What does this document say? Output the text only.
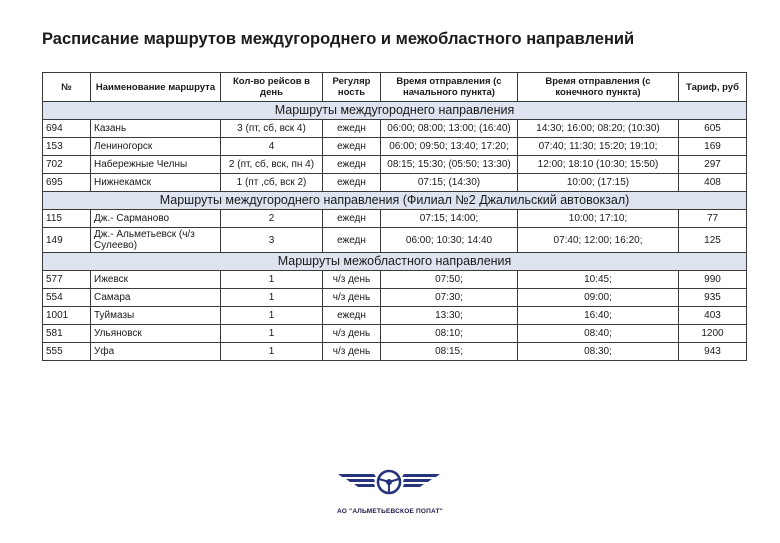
Расписание маршрутов междугороднего и межобластного направлений
№	Наименование маршрута	Кол-во рейсов в день	Регуляр ность	Время отправления (с начального пункта)	Время отправления (с конечного пункта)	Тариф, руб
Маршруты междугороднего направления						
694	Казань	3 (пт, сб, вск 4)	ежедн	06:00; 08:00; 13:00; (16:40)	14:30; 16:00; 08:20; (10:30)	605
153	Лениногорск	4	ежедн	06:00; 09:50; 13:40; 17:20;	07:40; 11:30; 15:20; 19:10;	169
702	Набережные Челны	2 (пт, сб, вск, пн 4)	ежедн	08:15; 15:30; (05:50; 13:30)	12:00; 18:10 (10:30; 15:50)	297
695	Нижнекамск	1 (пт ,сб, вск 2)	ежедн	07:15; (14:30)	10:00; (17:15)	408
Маршруты междугороднего направления (Филиал №2 Джалильский автовокзал)						
115	Дж.- Сарманово	2	ежедн	07:15; 14:00;	10:00; 17:10;	77
149	Дж.- Альметьевск (ч/з Сулеево)	3	ежедн	06:00; 10:30; 14:40	07:40; 12:00; 16:20;	125
Маршруты межобластного направления						
577	Ижевск	1	ч/з день	07:50;	10:45;	990
554	Самара	1	ч/з день	07:30;	09:00;	935
1001	Туймазы	1	ежедн	13:30;	16:40;	403
581	Ульяновск	1	ч/з день	08:10;	08:40;	1200
555	Уфа	1	ч/з день	08:15;	08:30;	943
АО "АЛЬМЕТЬЕВСКОЕ ПОПАТ"
